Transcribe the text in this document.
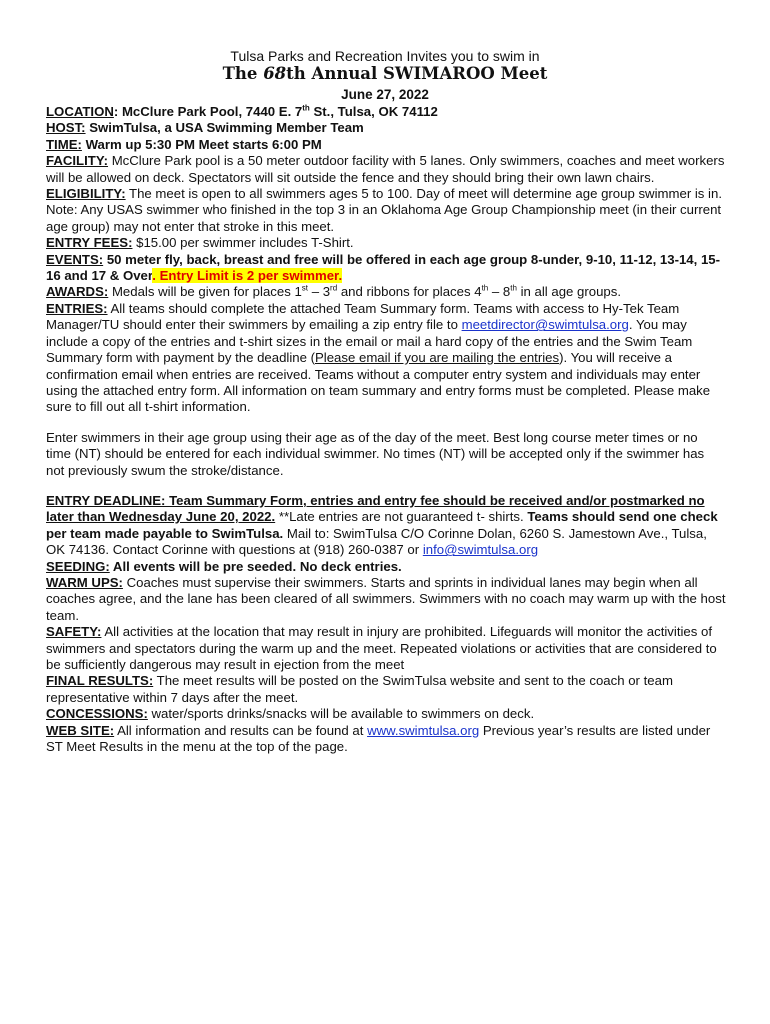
Tulsa Parks and Recreation Invites you to swim in
The 68th Annual SWIMAROO Meet
June 27, 2022

LOCATION: McClure Park Pool, 7440 E. 7th St., Tulsa, OK 74112

HOST: SwimTulsa, a USA Swimming Member Team

TIME: Warm up 5:30 PM Meet starts 6:00 PM

FACILITY: McClure Park pool is a 50 meter outdoor facility with 5 lanes. Only swimmers, coaches and meet workers will be allowed on deck. Spectators will sit outside the fence and they should bring their own lawn chairs.

ELIGIBILITY: The meet is open to all swimmers ages 5 to 100. Day of meet will determine age group swimmer is in. Note: Any USAS swimmer who finished in the top 3 in an Oklahoma Age Group Championship meet (in their current age group) may not enter that stroke in this meet.

ENTRY FEES: $15.00 per swimmer includes T-Shirt.

EVENTS: 50 meter fly, back, breast and free will be offered in each age group 8-under, 9-10, 11-12, 13-14, 15-16 and 17 & Over. Entry Limit is 2 per swimmer.

AWARDS: Medals will be given for places 1st – 3rd and ribbons for places 4th – 8th in all age groups.

ENTRIES: All teams should complete the attached Team Summary form. Teams with access to Hy-Tek Team Manager/TU should enter their swimmers by emailing a zip entry file to meetdirector@swimtulsa.org. You may include a copy of the entries and t-shirt sizes in the email or mail a hard copy of the entries and the Swim Team Summary form with payment by the deadline (Please email if you are mailing the entries). You will receive a confirmation email when entries are received. Teams without a computer entry system and individuals may enter using the attached entry form. All information on team summary and entry forms must be completed. Please make sure to fill out all t-shirt information.

Enter swimmers in their age group using their age as of the day of the meet. Best long course meter times or no time (NT) should be entered for each individual swimmer. No times (NT) will be accepted only if the swimmer has not previously swum the stroke/distance.

ENTRY DEADLINE: Team Summary Form, entries and entry fee should be received and/or postmarked no later than Wednesday June 20, 2022. **Late entries are not guaranteed t- shirts. Teams should send one check per team made payable to SwimTulsa. Mail to: SwimTulsa C/O Corinne Dolan, 6260 S. Jamestown Ave., Tulsa, OK 74136. Contact Corinne with questions at (918) 260-0387 or info@swimtulsa.org

SEEDING: All events will be pre seeded. No deck entries.

WARM UPS: Coaches must supervise their swimmers. Starts and sprints in individual lanes may begin when all coaches agree, and the lane has been cleared of all swimmers. Swimmers with no coach may warm up with the host team.

SAFETY: All activities at the location that may result in injury are prohibited. Lifeguards will monitor the activities of swimmers and spectators during the warm up and the meet. Repeated violations or activities that are considered to be sufficiently dangerous may result in ejection from the meet

FINAL RESULTS: The meet results will be posted on the SwimTulsa website and sent to the coach or team representative within 7 days after the meet.

CONCESSIONS: water/sports drinks/snacks will be available to swimmers on deck.

WEB SITE: All information and results can be found at www.swimtulsa.org Previous year’s results are listed under ST Meet Results in the menu at the top of the page.
